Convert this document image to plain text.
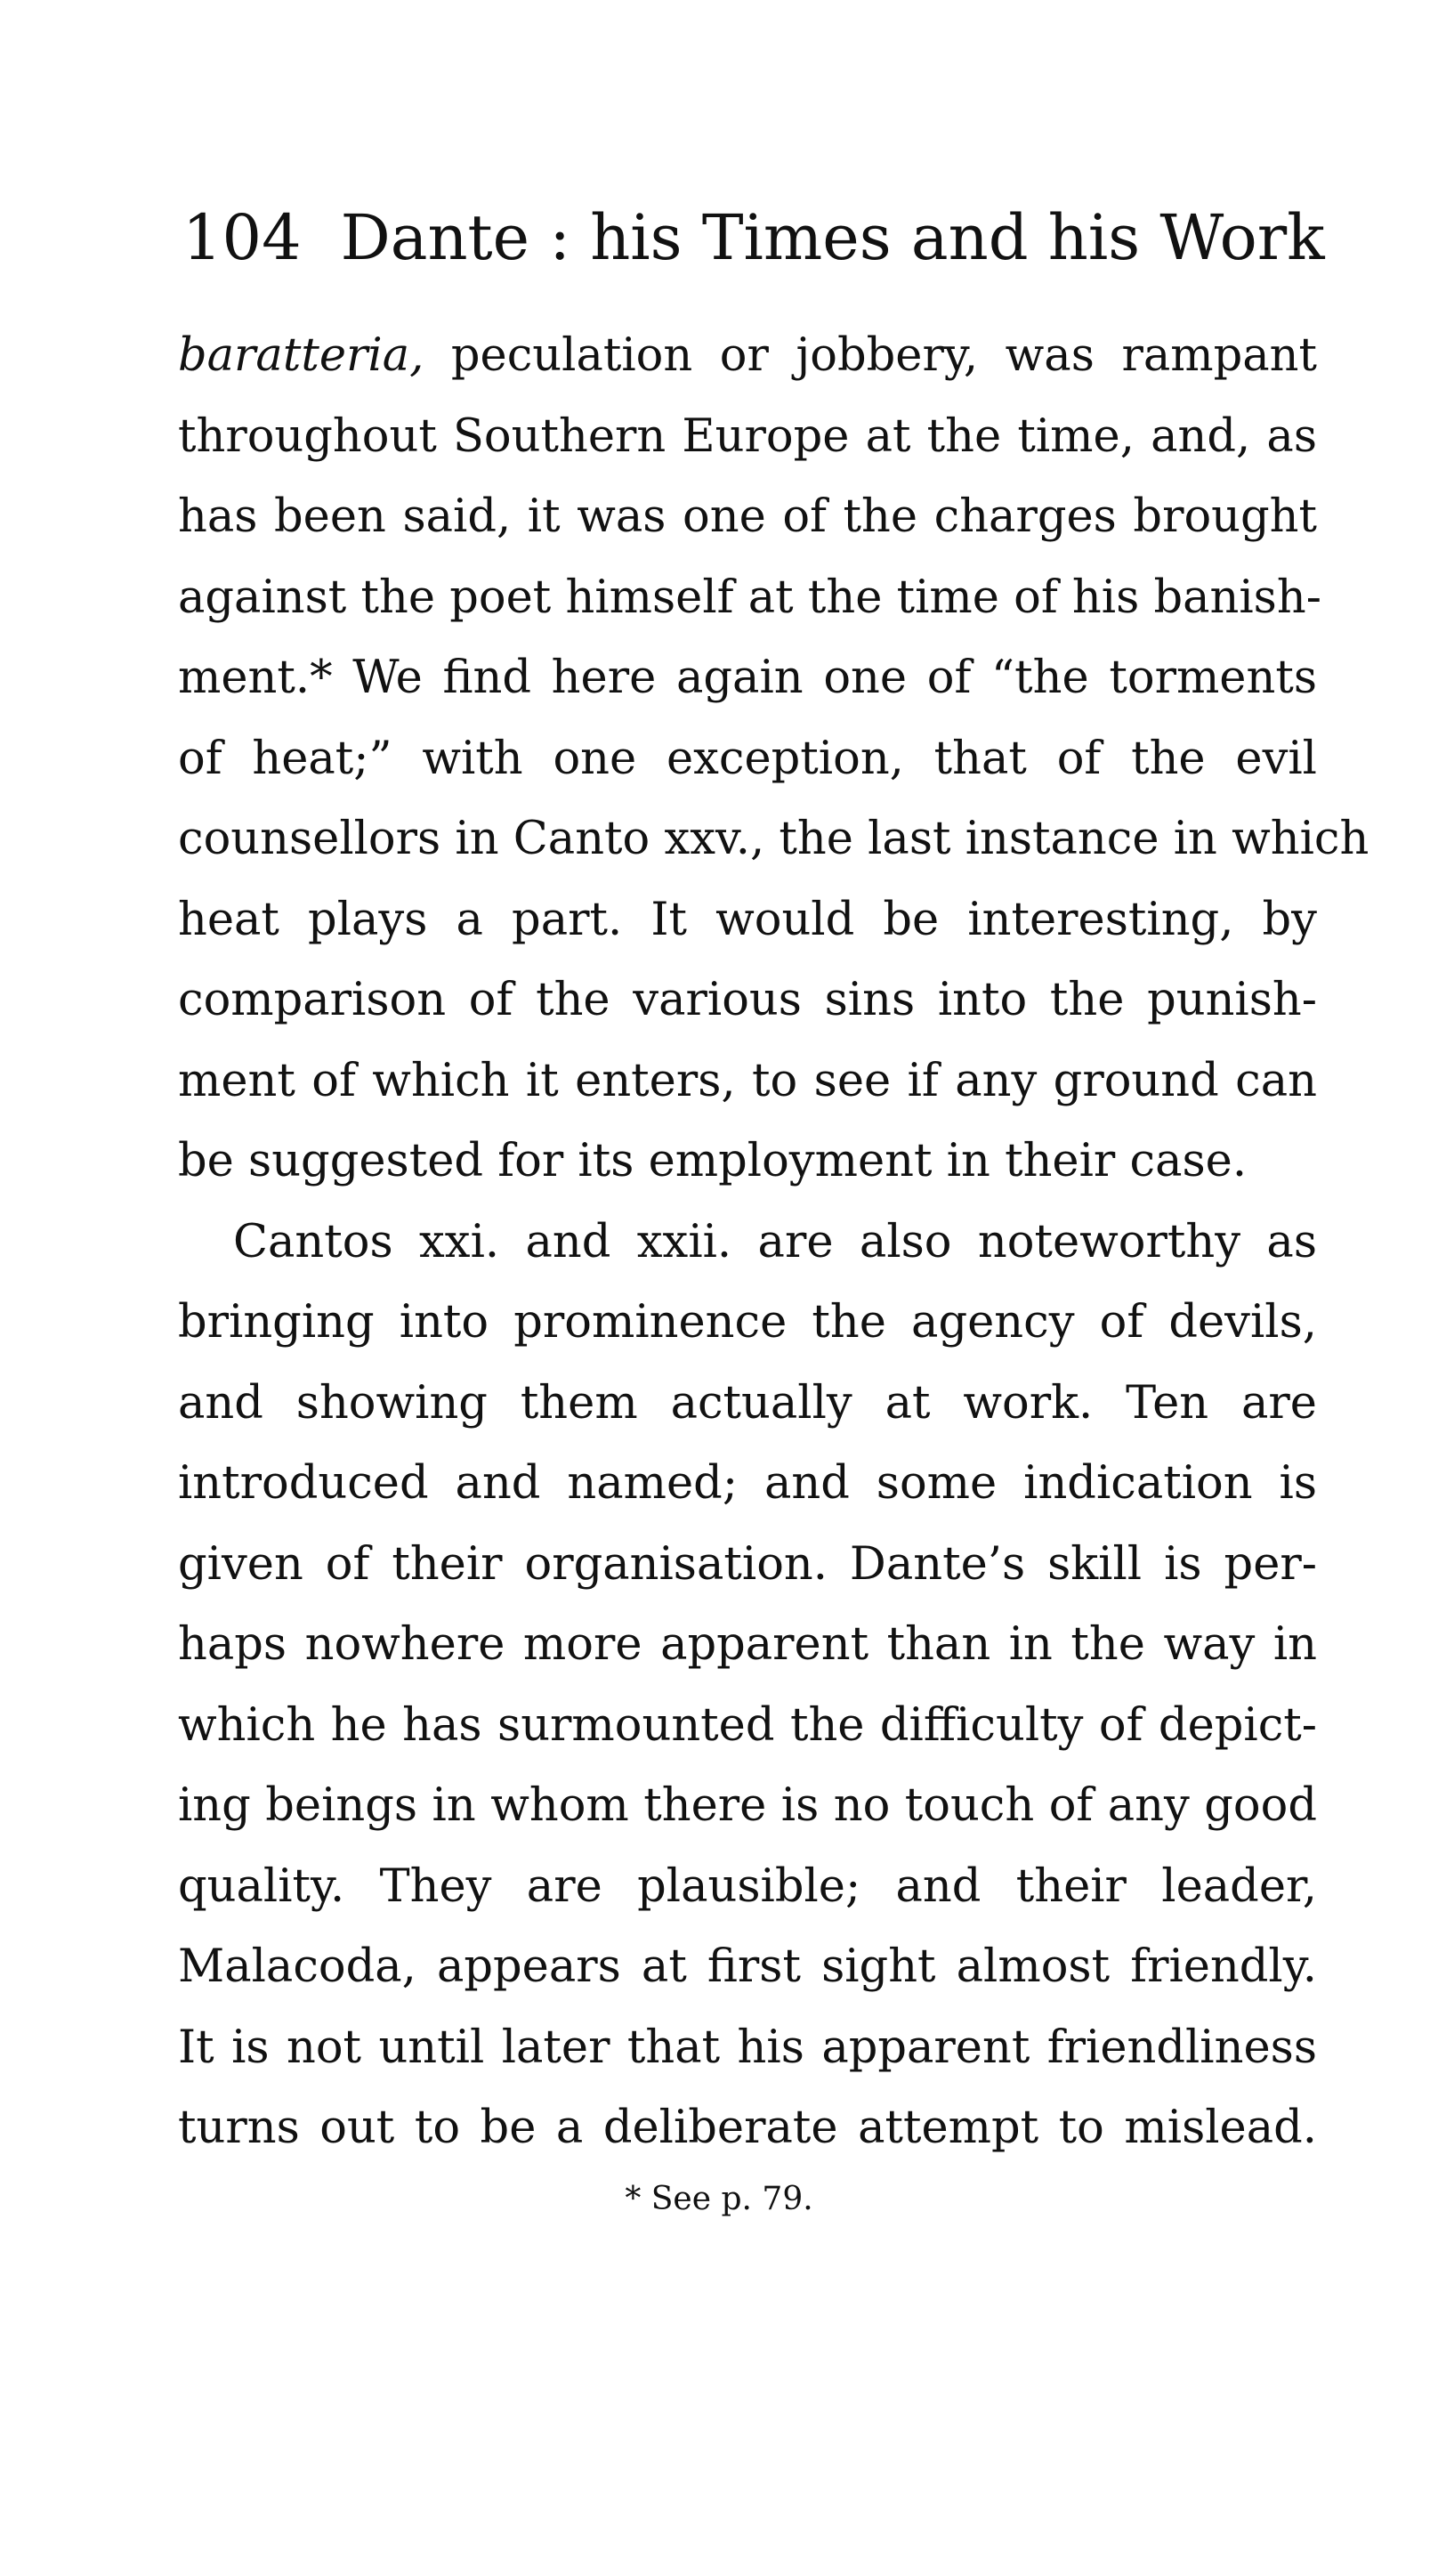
104 Dante : his Times and his Work
baratteria, peculation or jobbery, was rampant
throughout Southern Europe at the time, and, as
has been said, it was one of the charges brought
against the poet himself at the time of his banish-
ment.* We find here again one of “the torments
of heat;” with one exception, that of the evil
counsellors in Canto xxv., the last instance in which
heat plays a part. It would be interesting, by
comparison of the various sins into the punish-
ment of which it enters, to see if any ground can
be suggested for its employment in their case.
Cantos xxi. and xxii. are also noteworthy as
bringing into prominence the agency of devils,
and showing them actually at work. Ten are
introduced and named; and some indication is
given of their organisation. Dante’s skill is per-
haps nowhere more apparent than in the way in
which he has surmounted the difficulty of depict-
ing beings in whom there is no touch of any good
quality. They are plausible; and their leader,
Malacoda, appears at first sight almost friendly.
It is not until later that his apparent friendliness
turns out to be a deliberate attempt to mislead.
* See p. 79.
